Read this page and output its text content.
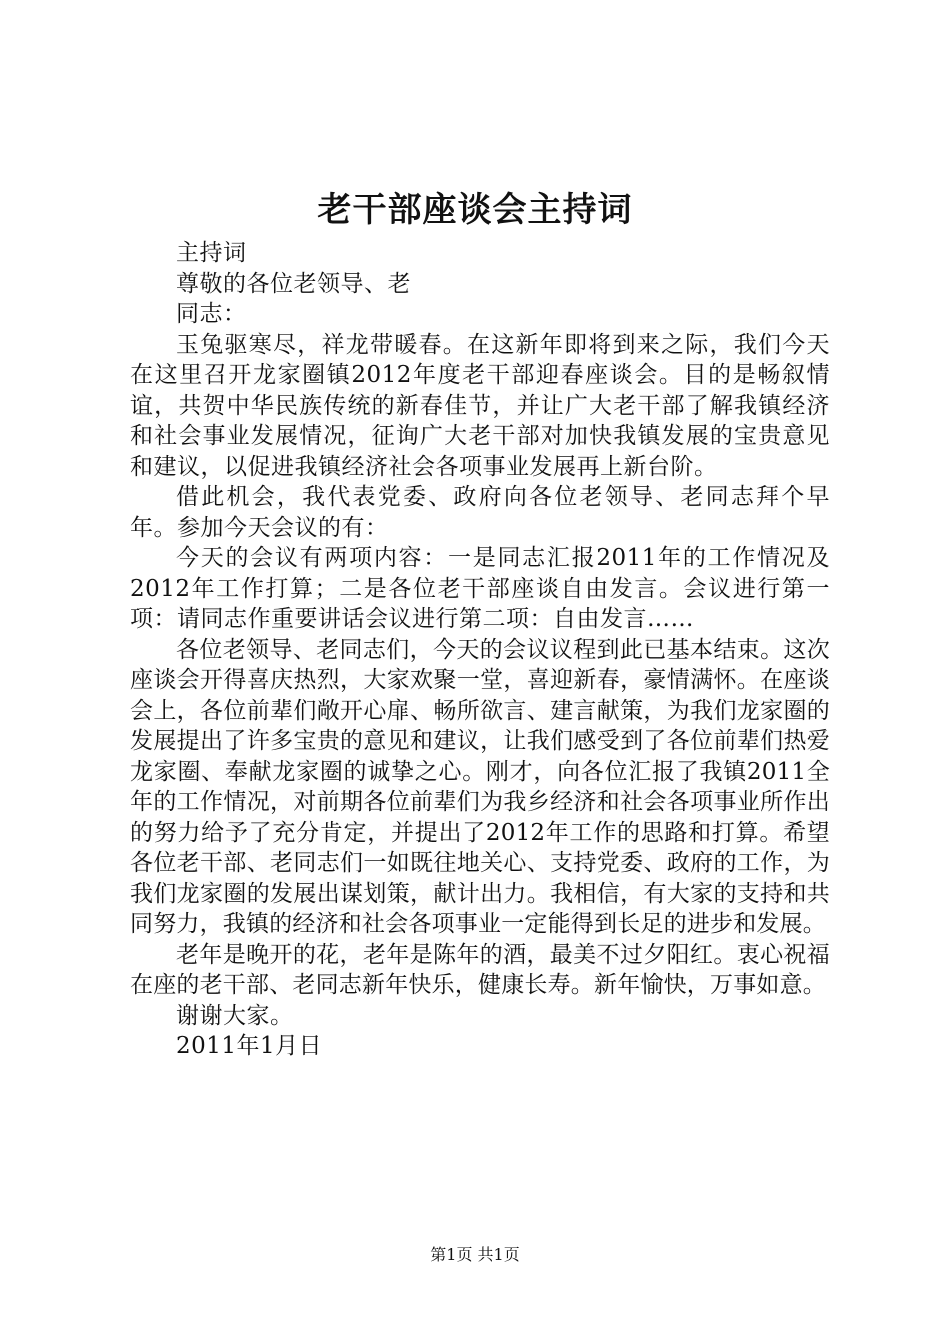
老干部座谈会主持词

主持词

尊敬的各位老领导、老

同志：

玉兔驱寒尽，祥龙带暖春。在这新年即将到来之际，我们今天在这里召开龙家圈镇2012年度老干部迎春座谈会。目的是畅叙情谊，共贺中华民族传统的新春佳节，并让广大老干部了解我镇经济和社会事业发展情况，征询广大老干部对加快我镇发展的宝贵意见和建议，以促进我镇经济社会各项事业发展再上新台阶。

借此机会，我代表党委、政府向各位老领导、老同志拜个早年。参加今天会议的有：

今天的会议有两项内容：一是同志汇报2011年的工作情况及2012年工作打算；二是各位老干部座谈自由发言。会议进行第一项：请同志作重要讲话会议进行第二项：自由发言……

各位老领导、老同志们，今天的会议议程到此已基本结束。这次座谈会开得喜庆热烈，大家欢聚一堂，喜迎新春，豪情满怀。在座谈会上，各位前辈们敞开心扉、畅所欲言、建言献策，为我们龙家圈的发展提出了许多宝贵的意见和建议，让我们感受到了各位前辈们热爱龙家圈、奉献龙家圈的诚挚之心。刚才，向各位汇报了我镇2011全年的工作情况，对前期各位前辈们为我乡经济和社会各项事业所作出的努力给予了充分肯定，并提出了2012年工作的思路和打算。希望各位老干部、老同志们一如既往地关心、支持党委、政府的工作，为我们龙家圈的发展出谋划策，献计出力。我相信，有大家的支持和共同努力，我镇的经济和社会各项事业一定能得到长足的进步和发展。

老年是晚开的花，老年是陈年的酒，最美不过夕阳红。衷心祝福在座的老干部、老同志新年快乐，健康长寿。新年愉快，万事如意。

谢谢大家。

2011年1月日

第1页 共1页
